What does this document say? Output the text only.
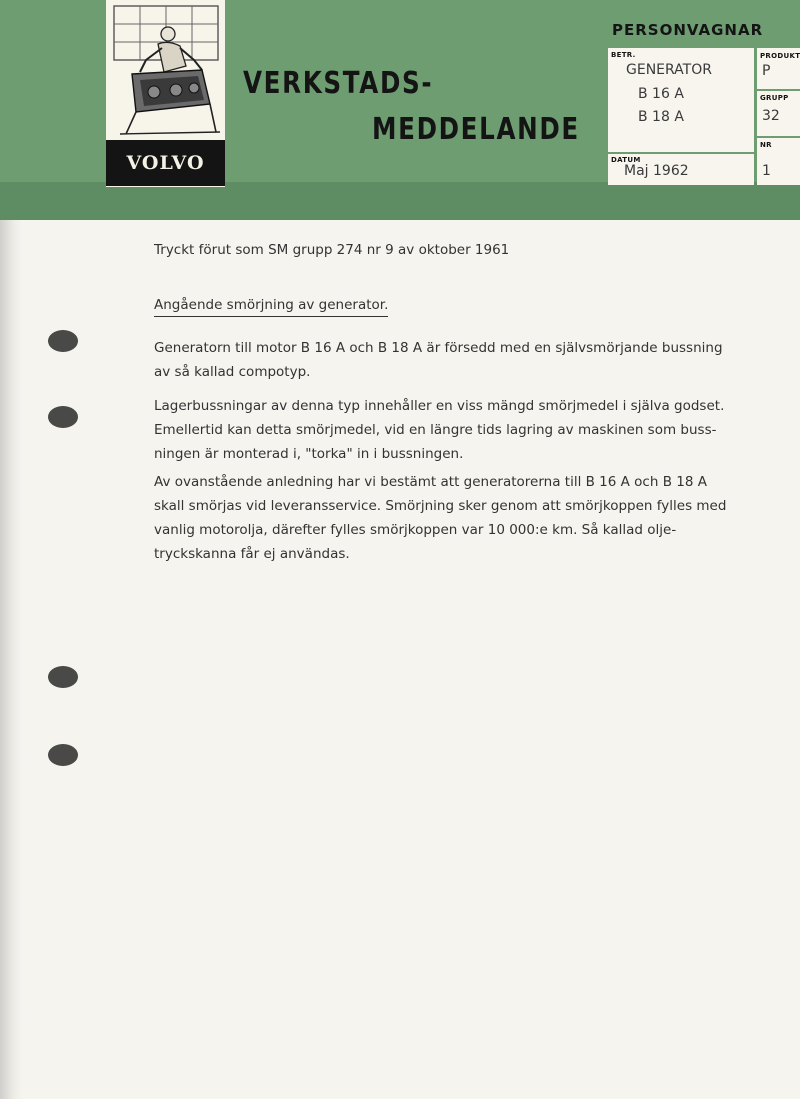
VOLVO
VERKSTADS-
MEDDELANDE
PERSONVAGNAR
BETR.
GENERATOR
B 16 A
B 18 A
DATUM
Maj 1962
PRODUKT
P
GRUPP
32
NR
1
Tryckt förut som SM grupp 274 nr 9 av oktober 1961
Angående smörjning av generator.
Generatorn till motor B 16 A och B 18 A är försedd med en självsmörjande bussning
av så kallad compotyp.
Lagerbussningar av denna typ innehåller en viss mängd smörjmedel i själva godset.
Emellertid kan detta smörjmedel, vid en längre tids lagring av maskinen som buss-
ningen är monterad i, "torka" in i bussningen.
Av ovanstående anledning har vi bestämt att generatorerna till B 16 A och B 18 A
skall smörjas vid leveransservice. Smörjning sker genom att smörjkoppen fylles med
vanlig motorolja, därefter fylles smörjkoppen var 10 000:e km. Så kallad olje-
tryckskanna får ej användas.
